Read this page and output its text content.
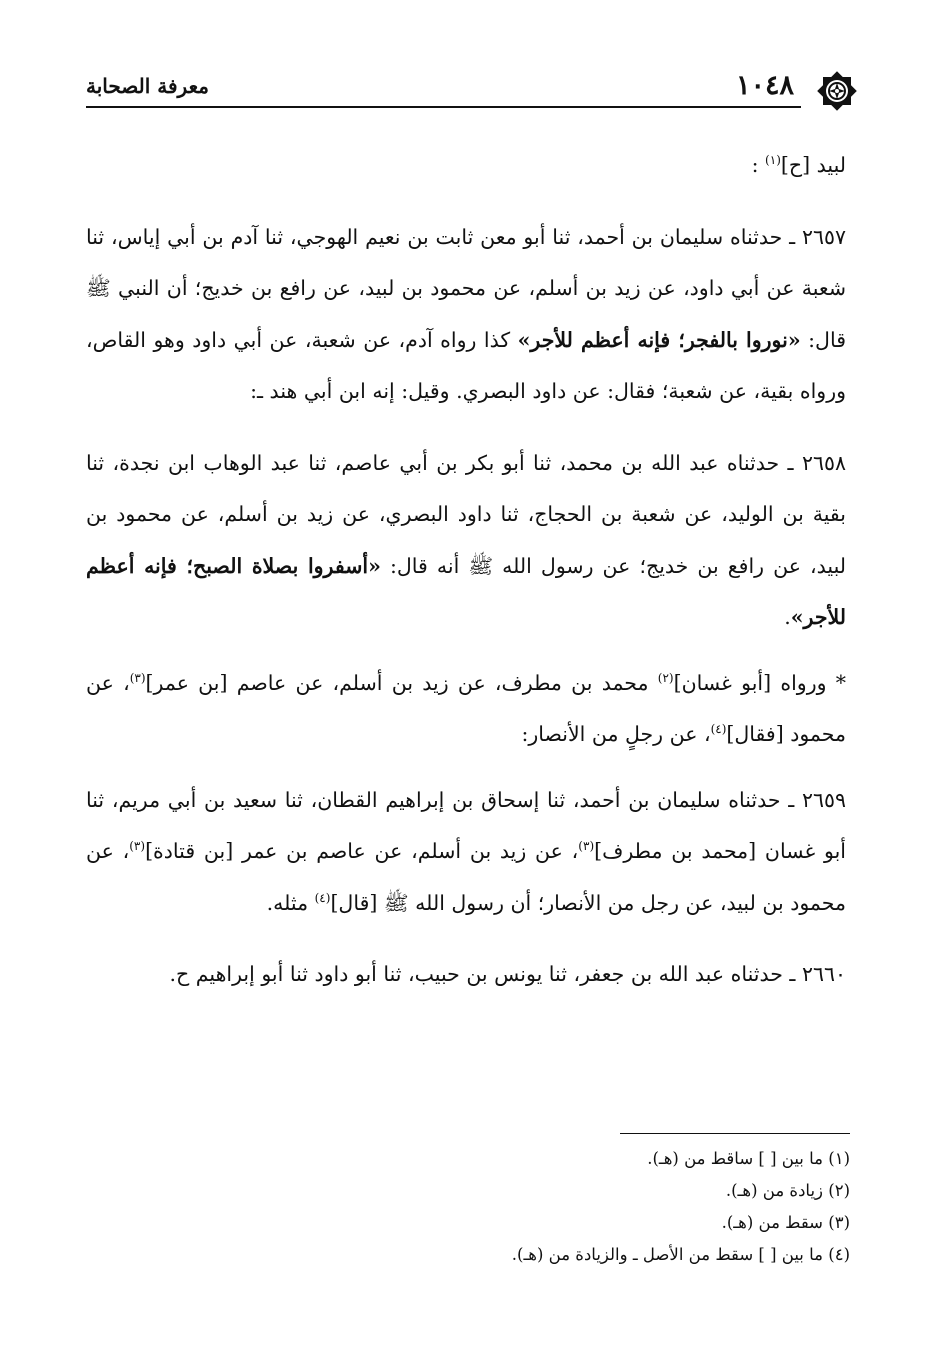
١٠٤٨
معرفة الصحابة

لبيد [ح]$^{(١)}$ :

٢٦٥٧ ـ حدثناه سليمان بن أحمد، ثنا أبو معن ثابت بن نعيم الهوجي، ثنا آدم بن أبي إياس، ثنا شعبة عن أبي داود، عن زيد بن أسلم، عن محمود بن لبيد، عن رافع بن خديج؛ أن النبي ﷺ قال: «نوروا بالفجر؛ فإنه أعظم للأجر» كذا رواه آدم، عن شعبة، عن أبي داود وهو القاص، ورواه بقية، عن شعبة؛ فقال: عن داود البصري. وقيل: إنه ابن أبي هند ـ:

٢٦٥٨ ـ حدثناه عبد الله بن محمد، ثنا أبو بكر بن أبي عاصم، ثنا عبد الوهاب ابن نجدة، ثنا بقية بن الوليد، عن شعبة بن الحجاج، ثنا داود البصري، عن زيد بن أسلم، عن محمود بن لبيد، عن رافع بن خديج؛ عن رسول الله ﷺ أنه قال: «أسفروا بصلاة الصبح؛ فإنه أعظم للأجر».

* ورواه [أبو غسان]$^{(٢)}$ محمد بن مطرف، عن زيد بن أسلم، عن عاصم [بن عمر]$^{(٣)}$، عن محمود [فقال]$^{(٤)}$، عن رجلٍ من الأنصار:

٢٦٥٩ ـ حدثناه سليمان بن أحمد، ثنا إسحاق بن إبراهيم القطان، ثنا سعيد بن أبي مريم، ثنا أبو غسان [محمد بن مطرف]$^{(٣)}$، عن زيد بن أسلم، عن عاصم بن عمر [بن قتادة]$^{(٣)}$، عن محمود بن لبيد، عن رجل من الأنصار؛ أن رسول الله ﷺ [قال]$^{(٤)}$ مثله.

٢٦٦٠ ـ حدثناه عبد الله بن جعفر، ثنا يونس بن حبيب، ثنا أبو داود ثنا أبو إبراهيم ح.

(١) ما بين [ ] ساقط من (هـ).
(٢) زيادة من (هـ).
(٣) سقط من (هـ).
(٤) ما بين [ ] سقط من الأصل ـ والزيادة من (هـ).
